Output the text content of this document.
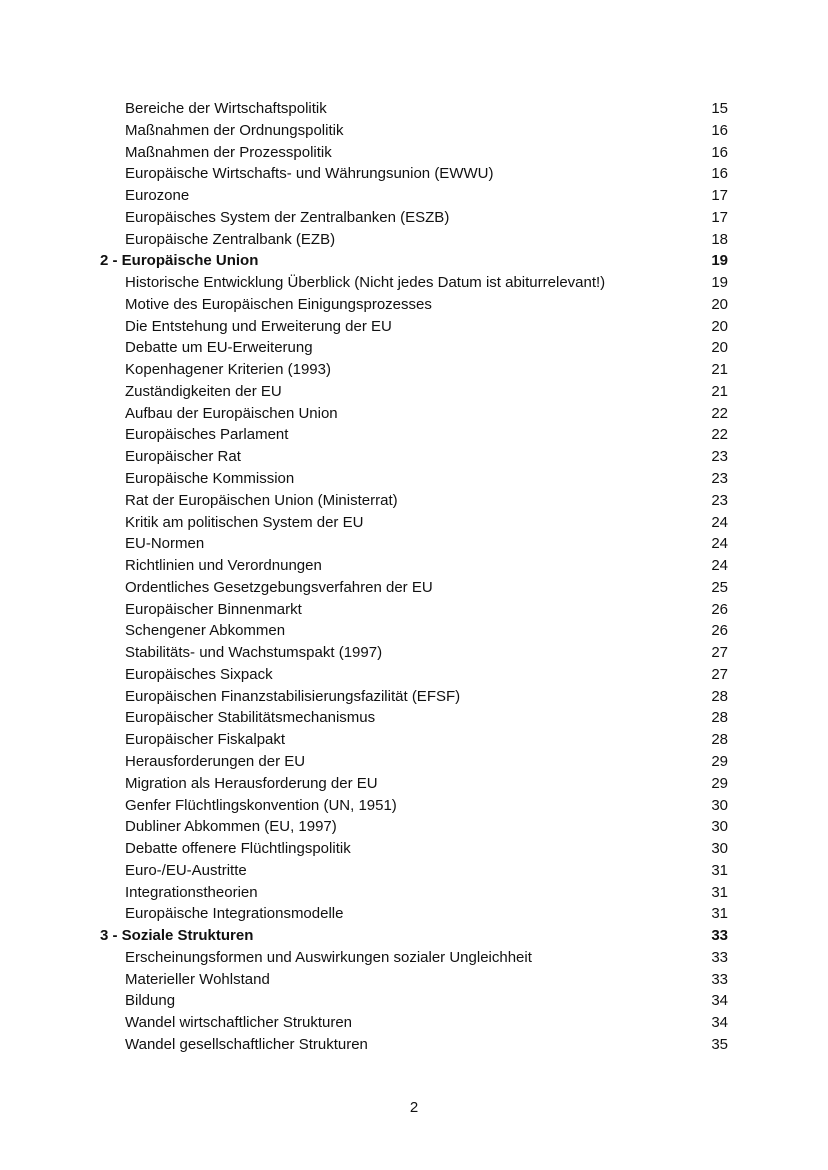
Bereiche der Wirtschaftspolitik	15
Maßnahmen der Ordnungspolitik	16
Maßnahmen der Prozesspolitik	16
Europäische Wirtschafts- und Währungsunion (EWWU)	16
Eurozone	17
Europäisches System der Zentralbanken (ESZB)	17
Europäische Zentralbank (EZB)	18
2 - Europäische Union	19
Historische Entwicklung Überblick (Nicht jedes Datum ist abiturrelevant!)	19
Motive des Europäischen Einigungsprozesses	20
Die Entstehung und Erweiterung der EU	20
Debatte um EU-Erweiterung	20
Kopenhagener Kriterien (1993)	21
Zuständigkeiten der EU	21
Aufbau der Europäischen Union	22
Europäisches Parlament	22
Europäischer Rat	23
Europäische Kommission	23
Rat der Europäischen Union (Ministerrat)	23
Kritik am politischen System der EU	24
EU-Normen	24
Richtlinien und Verordnungen	24
Ordentliches Gesetzgebungsverfahren der EU	25
Europäischer Binnenmarkt	26
Schengener Abkommen	26
Stabilitäts- und Wachstumspakt (1997)	27
Europäisches Sixpack	27
Europäischen Finanzstabilisierungsfazilität (EFSF)	28
Europäischer Stabilitätsmechanismus	28
Europäischer Fiskalpakt	28
Herausforderungen der EU	29
Migration als Herausforderung der EU	29
Genfer Flüchtlingskonvention (UN, 1951)	30
Dubliner Abkommen (EU, 1997)	30
Debatte offenere Flüchtlingspolitik	30
Euro-/EU-Austritte	31
Integrationstheorien	31
Europäische Integrationsmodelle	31
3 - Soziale Strukturen	33
Erscheinungsformen und Auswirkungen sozialer Ungleichheit	33
Materieller Wohlstand	33
Bildung	34
Wandel wirtschaftlicher Strukturen	34
Wandel gesellschaftlicher Strukturen	35
2
